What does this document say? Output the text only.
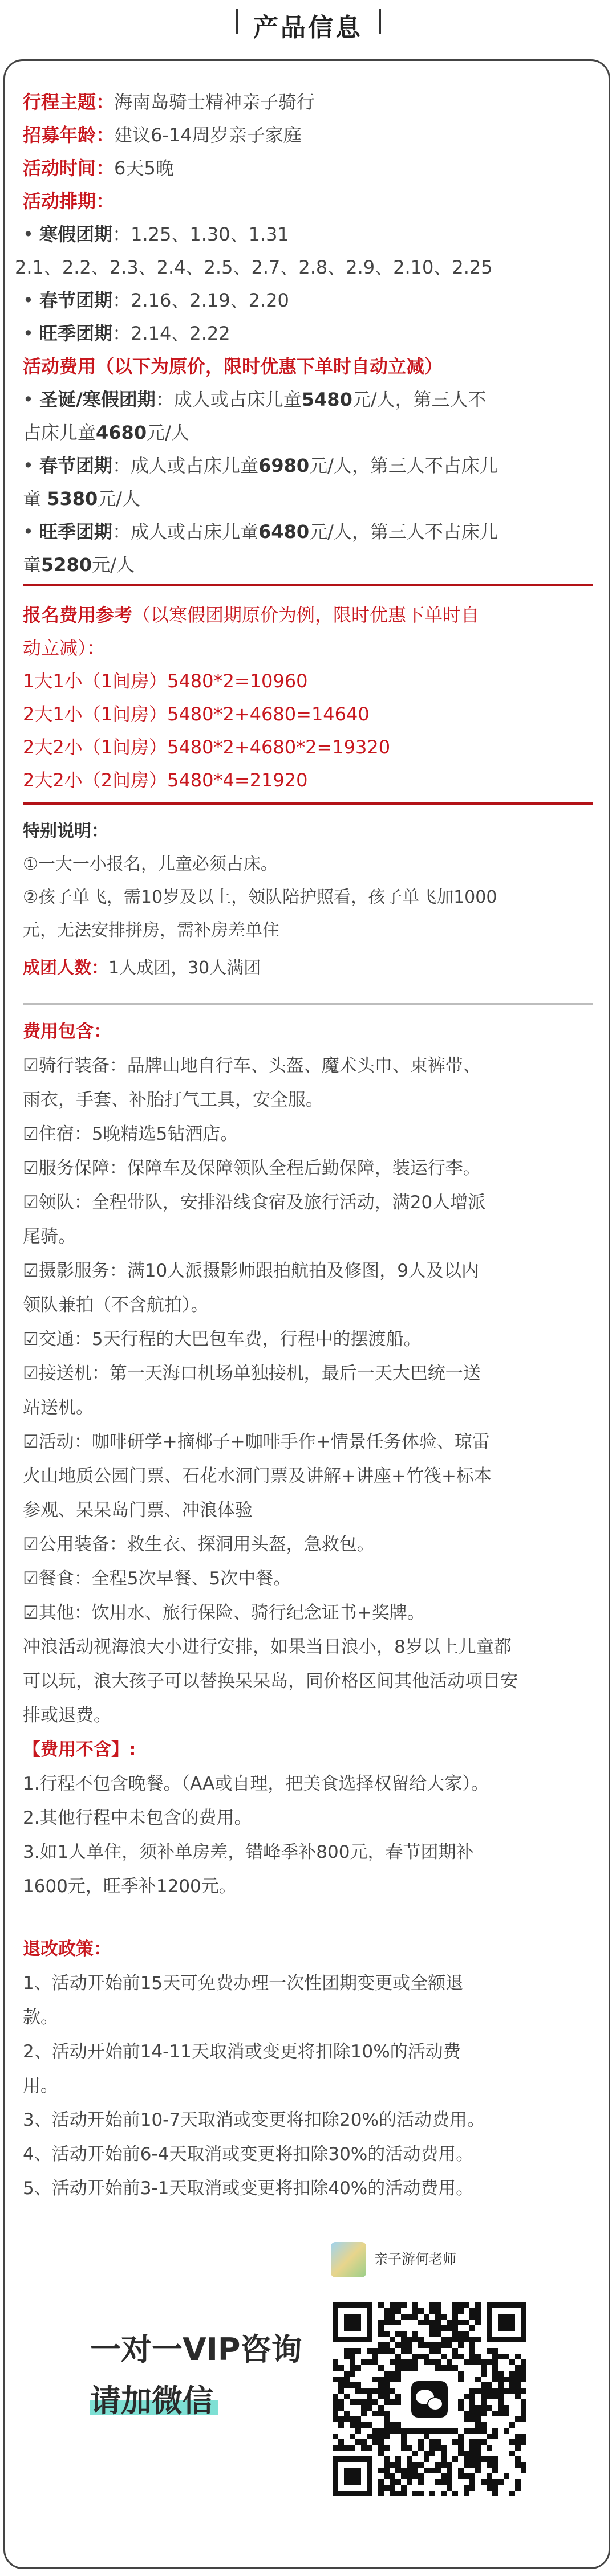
产品信息
行程主题：海南岛骑士精神亲子骑行
招募年龄：建议6-14周岁亲子家庭
活动时间：6天5晚
活动排期：
• 寒假团期：1.25、1.30、1.31
2.1、2.2、2.3、2.4、2.5、2.7、2.8、2.9、2.10、2.25
• 春节团期：2.16、2.19、2.20
• 旺季团期：2.14、2.22
活动费用（以下为原价，限时优惠下单时自动立减）
• 圣诞/寒假团期：成人或占床儿童5480元/人，第三人不
占床儿童4680元/人
• 春节团期：成人或占床儿童6980元/人，第三人不占床儿
童 5380元/人
• 旺季团期：成人或占床儿童6480元/人，第三人不占床儿
童5280元/人
报名费用参考（以寒假团期原价为例，限时优惠下单时自
动立减）：
1大1小（1间房）5480*2=10960
2大1小（1间房）5480*2+4680=14640
2大2小（1间房）5480*2+4680*2=19320
2大2小（2间房）5480*4=21920
特别说明：
①一大一小报名，儿童必须占床。
②孩子单飞，需10岁及以上，领队陪护照看，孩子单飞加1000
元，无法安排拼房，需补房差单住
成团人数：1人成团，30人满团
费用包含：
☑骑行装备：品牌山地自行车、头盔、魔术头巾、束裤带、
雨衣，手套、补胎打气工具，安全服。
☑住宿：5晚精选5钻酒店。
☑服务保障：保障车及保障领队全程后勤保障，装运行李。
☑领队：全程带队，安排沿线食宿及旅行活动，满20人增派
尾骑。
☑摄影服务：满10人派摄影师跟拍航拍及修图，9人及以内
领队兼拍（不含航拍）。
☑交通：5天行程的大巴包车费，行程中的摆渡船。
☑接送机：第一天海口机场单独接机，最后一天大巴统一送
站送机。
☑活动：咖啡研学+摘椰子+咖啡手作+情景任务体验、琼雷
火山地质公园门票、石花水洞门票及讲解+讲座+竹筏+标本
参观、呆呆岛门票、冲浪体验
☑公用装备：救生衣、探洞用头盔，急救包。
☑餐食：全程5次早餐、5次中餐。
☑其他：饮用水、旅行保险、骑行纪念证书+奖牌。
冲浪活动视海浪大小进行安排，如果当日浪小，8岁以上儿童都
可以玩，浪大孩子可以替换呆呆岛，同价格区间其他活动项目安
排或退费。
【费用不含】:
1.行程不包含晚餐。（AA或自理，把美食选择权留给大家）。
2.其他行程中未包含的费用。
3.如1人单住，须补单房差，错峰季补800元，春节团期补
1600元，旺季补1200元。
退改政策：
1、活动开始前15天可免费办理一次性团期变更或全额退
款。
2、活动开始前14-11天取消或变更将扣除10%的活动费
用。
3、活动开始前10-7天取消或变更将扣除20%的活动费用。
4、活动开始前6-4天取消或变更将扣除30%的活动费用。
5、活动开始前3-1天取消或变更将扣除40%的活动费用。
亲子游何老师
一对一VIP咨询
请加微信
